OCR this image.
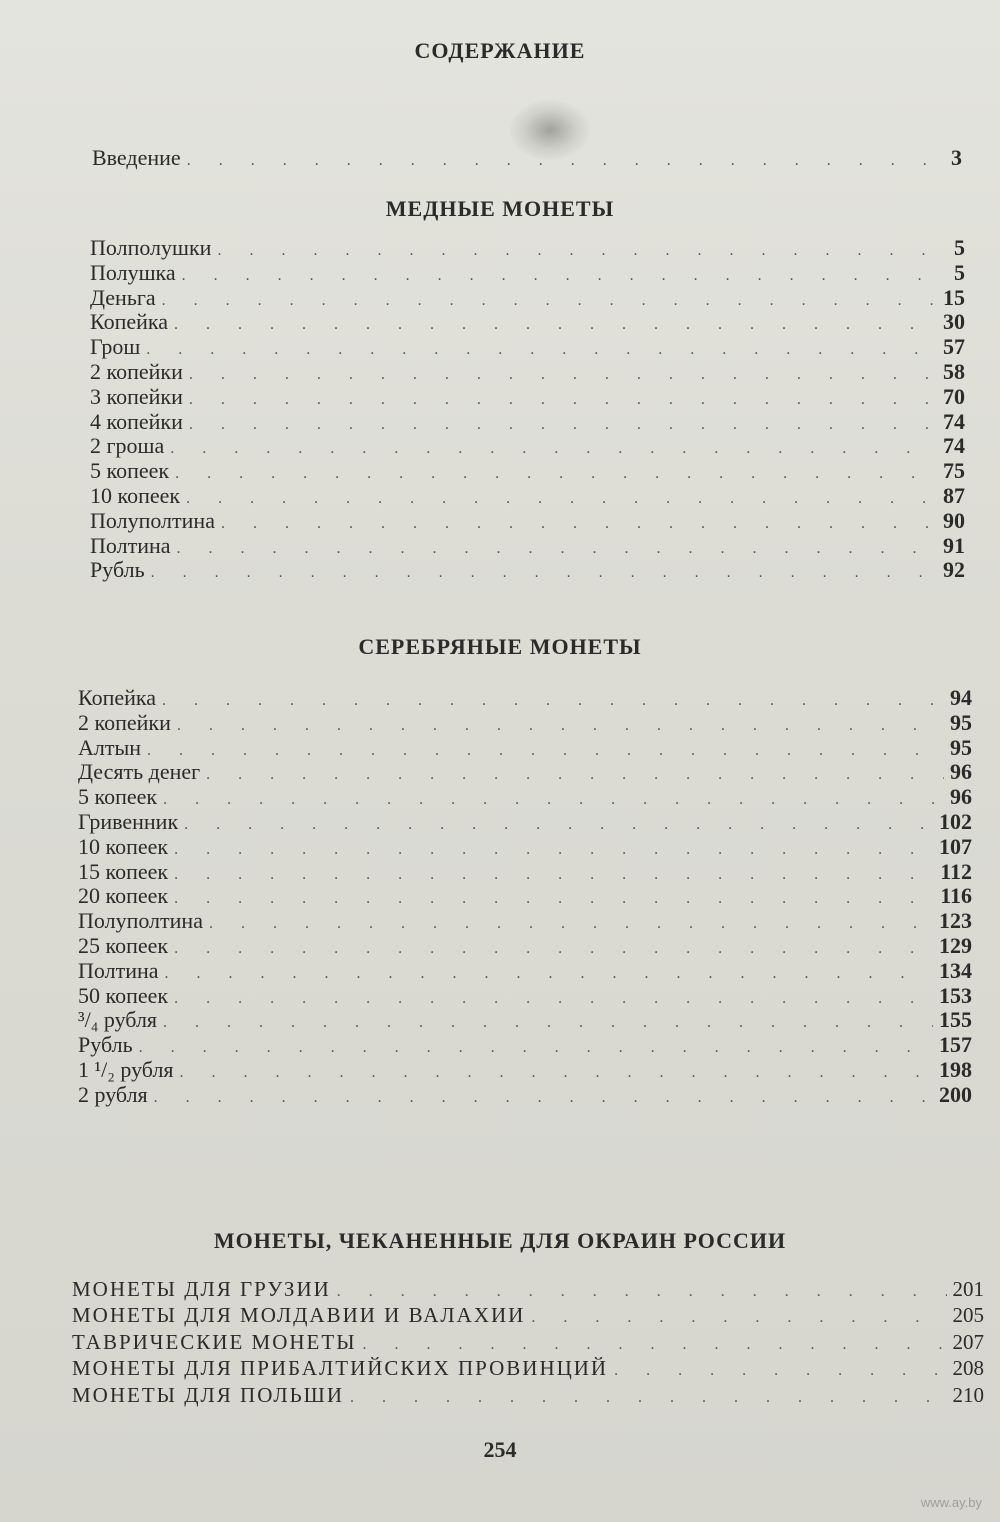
СОДЕРЖАНИЕ
Введение . . .	3
МЕДНЫЕ МОНЕТЫ
Полполушки . . .	5
Полушка . . .	5
Деньга . . .	15
Копейка . . .	30
Грош . . .	57
2 копейки . . .	58
3 копейки . . .	70
4 копейки . . .	74
2 гроша . . .	74
5 копеек . . .	75
10 копеек . . .	87
Полуполтина . . .	90
Полтина . . .	91
Рубль . . .	92
СЕРЕБРЯНЫЕ МОНЕТЫ
Копейка . . .	94
2 копейки . . .	95
Алтын . . .	95
Десять денег . . .	96
5 копеек . . .	96
Гривенник . . .	102
10 копеек . . .	107
15 копеек . . .	112
20 копеек . . .	116
Полуполтина . . .	123
25 копеек . . .	129
Полтина . . .	134
50 копеек . . .	153
³/₄ рубля . . .	155
Рубль . . .	157
1 ¹/₂ рубля . . .	198
2 рубля . . .	200
МОНЕТЫ, ЧЕКАНЕННЫЕ ДЛЯ ОКРАИН РОССИИ
МОНЕТЫ ДЛЯ ГРУЗИИ . . .	201
МОНЕТЫ ДЛЯ МОЛДАВИИ И ВАЛАХИИ . . .	205
ТАВРИЧЕСКИЕ МОНЕТЫ . . .	207
МОНЕТЫ ДЛЯ ПРИБАЛТИЙСКИХ ПРОВИНЦИЙ . . .	208
МОНЕТЫ ДЛЯ ПОЛЬШИ . . .	210
254
www.ay.by
